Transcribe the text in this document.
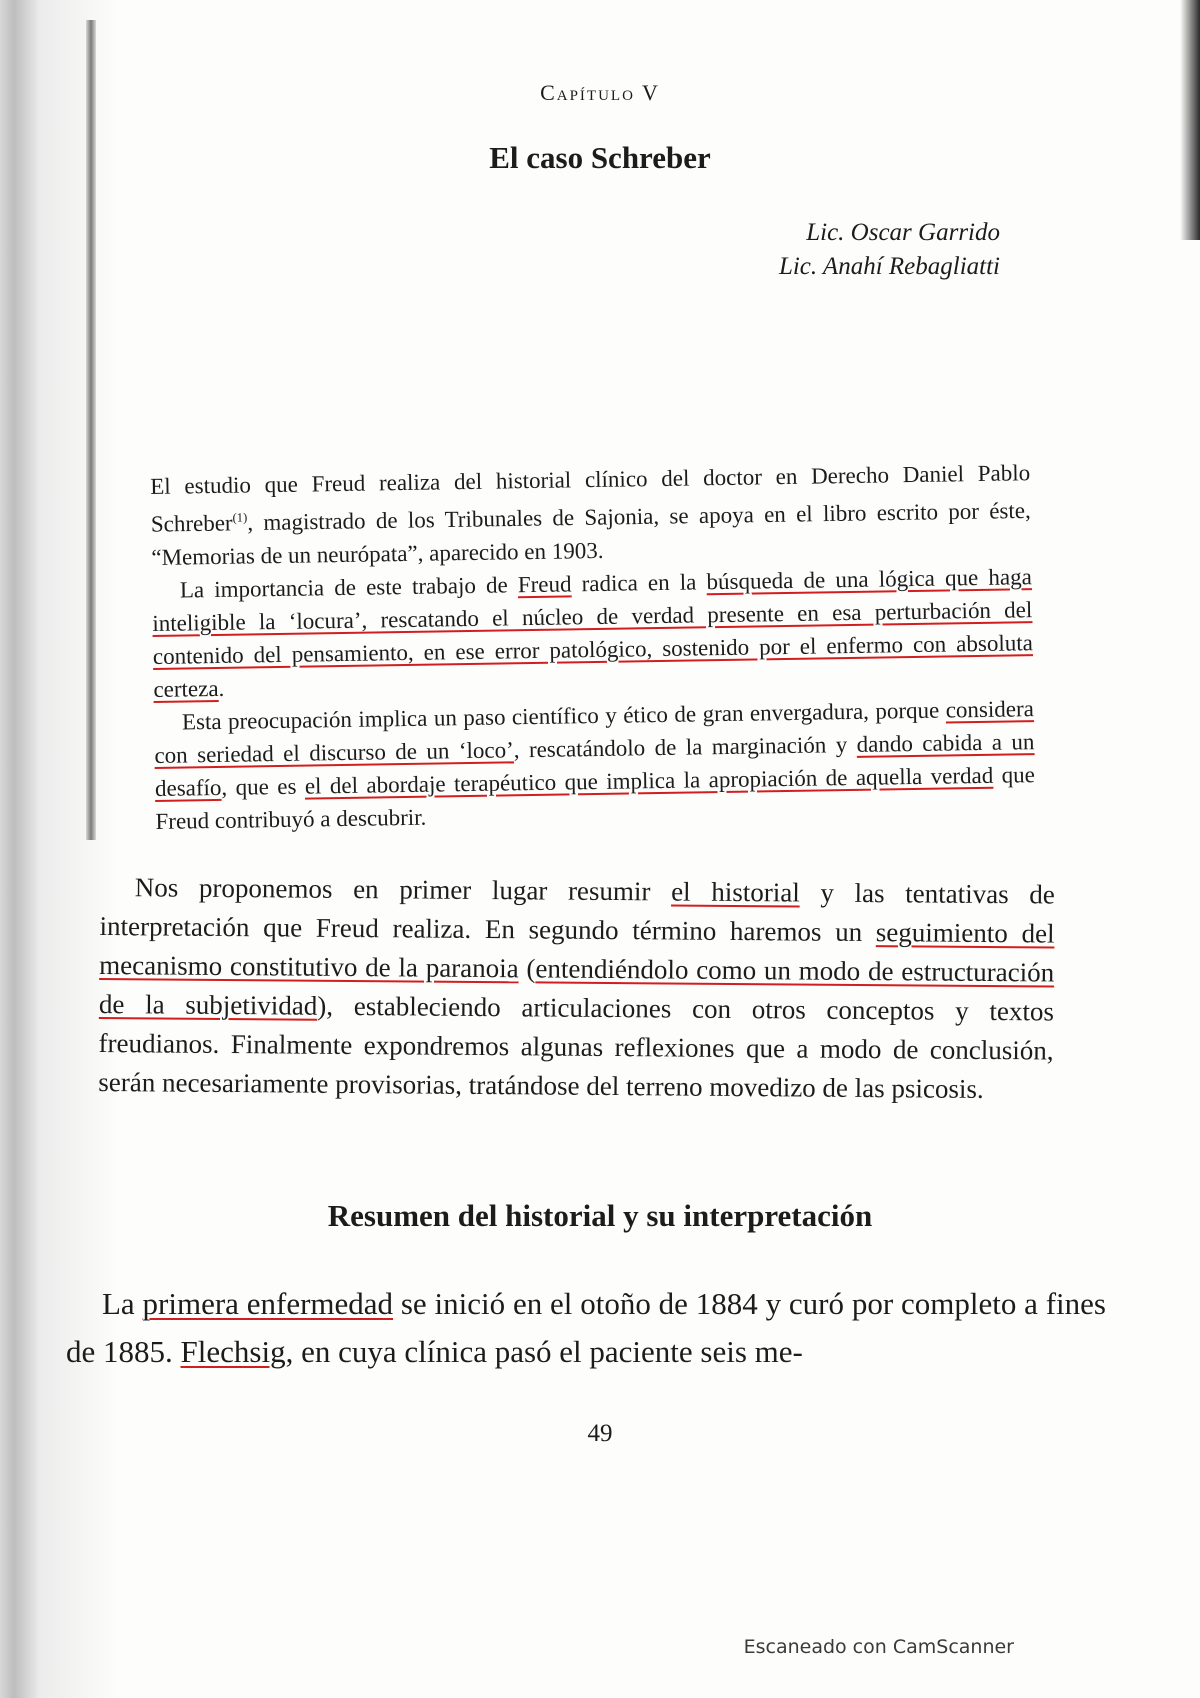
Capítulo V
El caso Schreber
Lic. Oscar Garrido
Lic. Anahí Rebagliatti

El estudio que Freud realiza del historial clínico del doctor en Derecho Daniel Pablo Schreber$^{(1)}$, magistrado de los Tribunales de Sajonia, se apoya en el libro escrito por éste, “Memorias de un neurópata”, aparecido en 1903.

La importancia de este trabajo de Freud radica en la búsqueda de una lógica que haga inteligible la ‘locura’, rescatando el núcleo de verdad presente en esa perturbación del contenido del pensamiento, en ese error patológico, sostenido por el enfermo con absoluta certeza.

Esta preocupación implica un paso científico y ético de gran envergadura, porque considera con seriedad el discurso de un ‘loco’, rescatándolo de la marginación y dando cabida a un desafío, que es el del abordaje terapéutico que implica la apropiación de aquella verdad que Freud contribuyó a descubrir.

Nos proponemos en primer lugar resumir el historial y las tentativas de interpretación que Freud realiza. En segundo término haremos un seguimiento del mecanismo constitutivo de la paranoia (entendiéndolo como un modo de estructuración de la subjetividad), estableciendo articulaciones con otros conceptos y textos freudianos. Finalmente expondremos algunas reflexiones que a modo de conclusión, serán necesariamente provisorias, tratándose del terreno movedizo de las psicosis.

Resumen del historial y su interpretación

La primera enfermedad se inició en el otoño de 1884 y curó por completo a fines de 1885. Flechsig, en cuya clínica pasó el paciente seis me-

49
Escaneado con CamScanner
